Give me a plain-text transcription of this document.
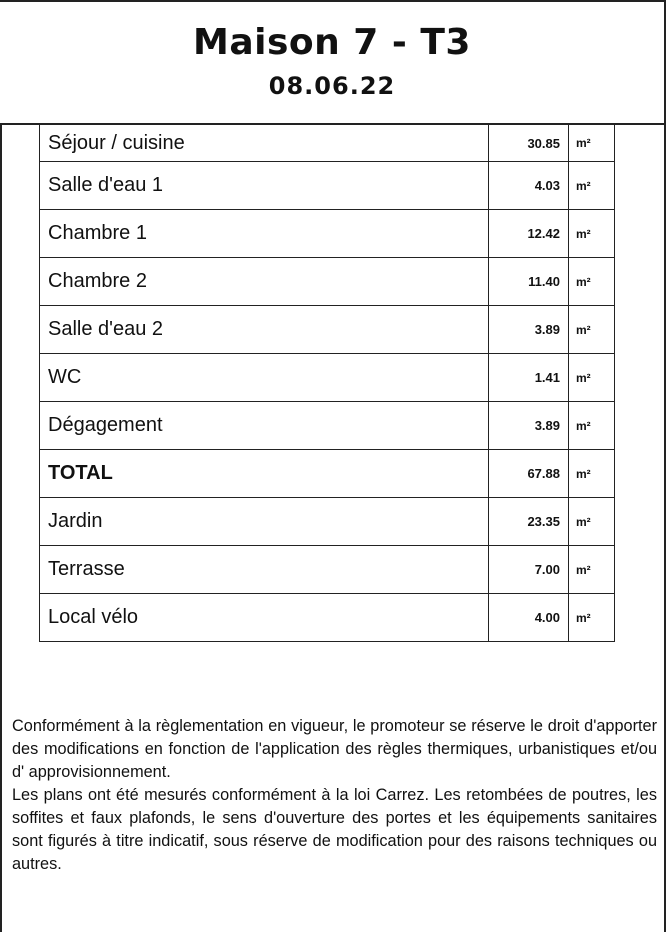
Maison 7 - T3
08.06.22
Séjour / cuisine	30.85	m²
Salle d'eau 1	4.03	m²
Chambre 1	12.42	m²
Chambre 2	11.40	m²
Salle d'eau 2	3.89	m²
WC	1.41	m²
Dégagement	3.89	m²
TOTAL	67.88	m²
Jardin	23.35	m²
Terrasse	7.00	m²
Local vélo	4.00	m²

Conformément à la règlementation en vigueur, le promoteur se réserve le droit d'apporter des modifications en fonction de l'application des règles thermiques, urbanistiques et/ou d' approvisionnement.

Les plans ont été mesurés conformément à la loi Carrez. Les retombées de poutres, les soffites et faux plafonds, le sens d'ouverture des portes et les équipements sanitaires sont figurés à titre indicatif, sous réserve de modification pour des raisons techniques ou autres.
